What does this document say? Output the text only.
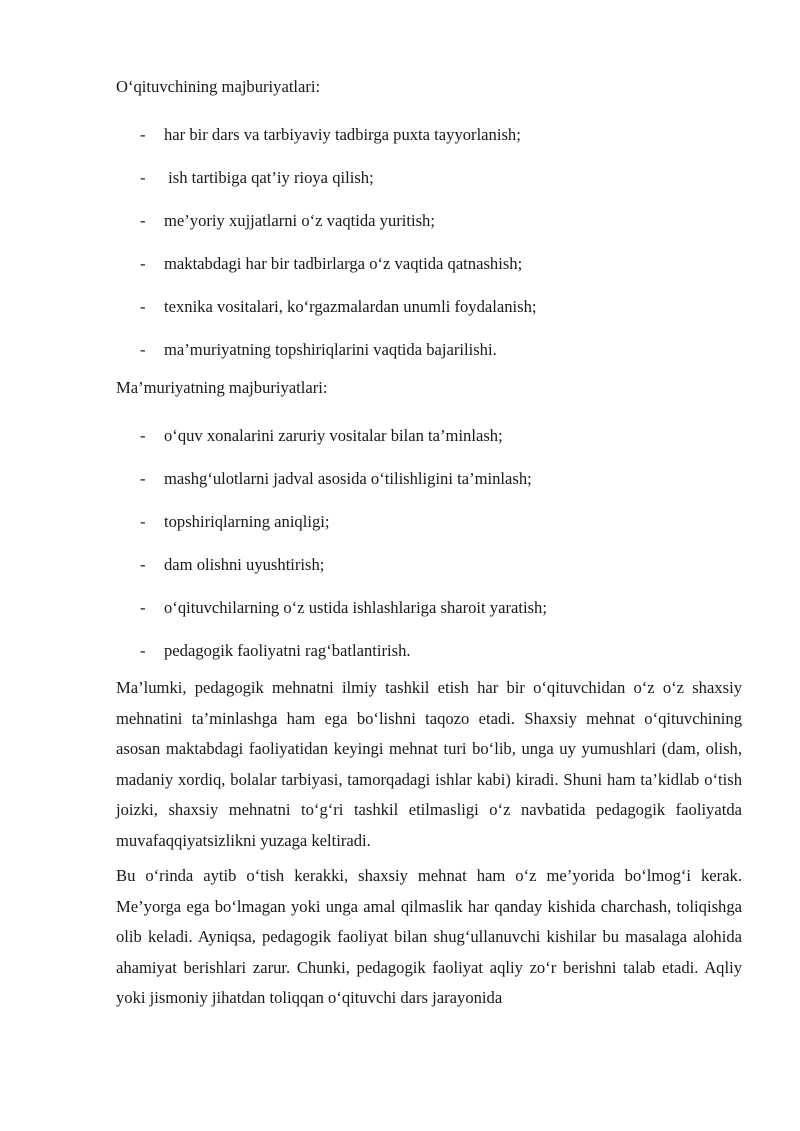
O‘qituvchining majburiyatlari:

- har bir dars va tarbiyaviy tadbirga puxta tayyorlanish;
- ish tartibiga qat’iy rioya qilish;
- me’yoriy xujjatlarni o‘z vaqtida yuritish;
- maktabdagi har bir tadbirlarga o‘z vaqtida qatnashish;
- texnika vositalari, ko‘rgazmalardan unumli foydalanish;
- ma’muriyatning topshiriqlarini vaqtida bajarilishi.

Ma’muriyatning majburiyatlari:

- o‘quv xonalarini zaruriy vositalar bilan ta’minlash;
- mashg‘ulotlarni jadval asosida o‘tilishligini ta’minlash;
- topshiriqlarning aniqligi;
- dam olishni uyushtirish;
- o‘qituvchilarning o‘z ustida ishlashlariga sharoit yaratish;
- pedagogik faoliyatni rag‘batlantirish.

Ma’lumki, pedagogik mehnatni ilmiy tashkil etish har bir o‘qituvchidan o‘z o‘z shaxsiy mehnatini ta’minlashga ham ega bo‘lishni taqozo etadi. Shaxsiy mehnat o‘qituvchining asosan maktabdagi faoliyatidan keyingi mehnat turi bo‘lib, unga uy yumushlari (dam, olish, madaniy xordiq, bolalar tarbiyasi, tamorqadagi ishlar kabi) kiradi. Shuni ham ta’kidlab o‘tish joizki, shaxsiy mehnatni to‘g‘ri tashkil etilmasligi o‘z navbatida pedagogik faoliyatda muvafaqqiyatsizlikni yuzaga keltiradi.

Bu o‘rinda aytib o‘tish kerakki, shaxsiy mehnat ham o‘z me’yorida bo‘lmog‘i kerak. Me’yorga ega bo‘lmagan yoki unga amal qilmaslik har qanday kishida charchash, toliqishga olib keladi. Ayniqsa, pedagogik faoliyat bilan shug‘ullanuvchi kishilar bu masalaga alohida ahamiyat berishlari zarur. Chunki, pedagogik faoliyat aqliy zo‘r berishni talab etadi. Aqliy yoki jismoniy jihatdan toliqqan o‘qituvchi dars jarayonida
